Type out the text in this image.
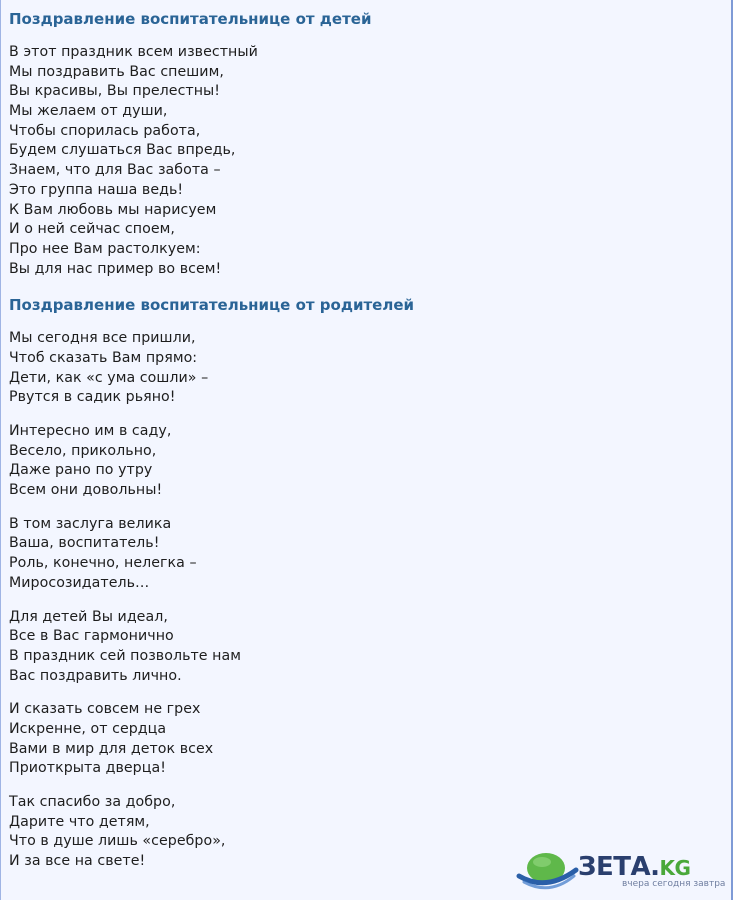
Поздравление воспитательнице от детей
В этот праздник всем известный
Мы поздравить Вас спешим,
Вы красивы, Вы прелестны!
Мы желаем от души,
Чтобы спорилась работа,
Будем слушаться Вас впредь,
Знаем, что для Вас забота –
Это группа наша ведь!
К Вам любовь мы нарисуем
И о ней сейчас споем,
Про нее Вам растолкуем:
Вы для нас пример во всем!
Поздравление воспитательнице от родителей
Мы сегодня все пришли,
Чтоб сказать Вам прямо:
Дети, как «с ума сошли» –
Рвутся в садик рьяно!
Интересно им в саду,
Весело, прикольно,
Даже рано по утру
Всем они довольны!
В том заслуга велика
Ваша, воспитатель!
Роль, конечно, нелегка –
Миросозидатель…
Для детей Вы идеал,
Все в Вас гармонично
В праздник сей позвольте нам
Вас поздравить лично.
И сказать совсем не грех
Искренне, от сердца
Вами в мир для деток всех
Приоткрыта дверца!
Так спасибо за добро,
Дарите что детям,
Что в душе лишь «серебро»,
И за все на свете!	ЗЕТА.KG
вчера сегодня завтра
